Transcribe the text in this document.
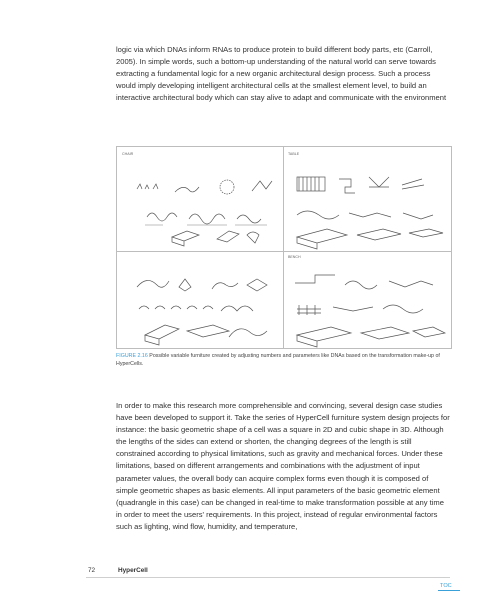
logic via which DNAs inform RNAs to produce protein to build different body parts, etc (Carroll, 2005). In simple words, such a bottom-up understanding of the natural world can serve towards extracting a fundamental logic for a new organic architectural design process. Such a process would imply developing intelligent architectural cells at the smallest element level, to build an interactive architectural body which can stay alive to adapt and communicate with the environment

CHAIR	TABLE
BENCH
FIGURE 2.16 Possible variable furniture created by adjusting numbers and parameters like DNAs based on the transformation make-up of HyperCells.

In order to make this research more comprehensible and convincing, several design case studies have been developed to support it. Take the series of HyperCell furniture system design projects for instance: the basic geometric shape of a cell was a square in 2D and cubic shape in 3D. Although the lengths of the sides can extend or shorten, the changing degrees of the length is still constrained according to physical limitations, such as gravity and mechanical forces. Under these limitations, based on different arrangements and combinations with the adjustment of input parameter values, the overall body can acquire complex forms even though it is composed of simple geometric shapes as basic elements. All input parameters of the basic geometric element (quadrangle in this case) can be changed in real-time to make transformation possible at any time in order to meet the users' requirements. In this project, instead of regular environmental factors such as lighting, wind flow, humidity, and temperature,

72	HyperCell
TOC
